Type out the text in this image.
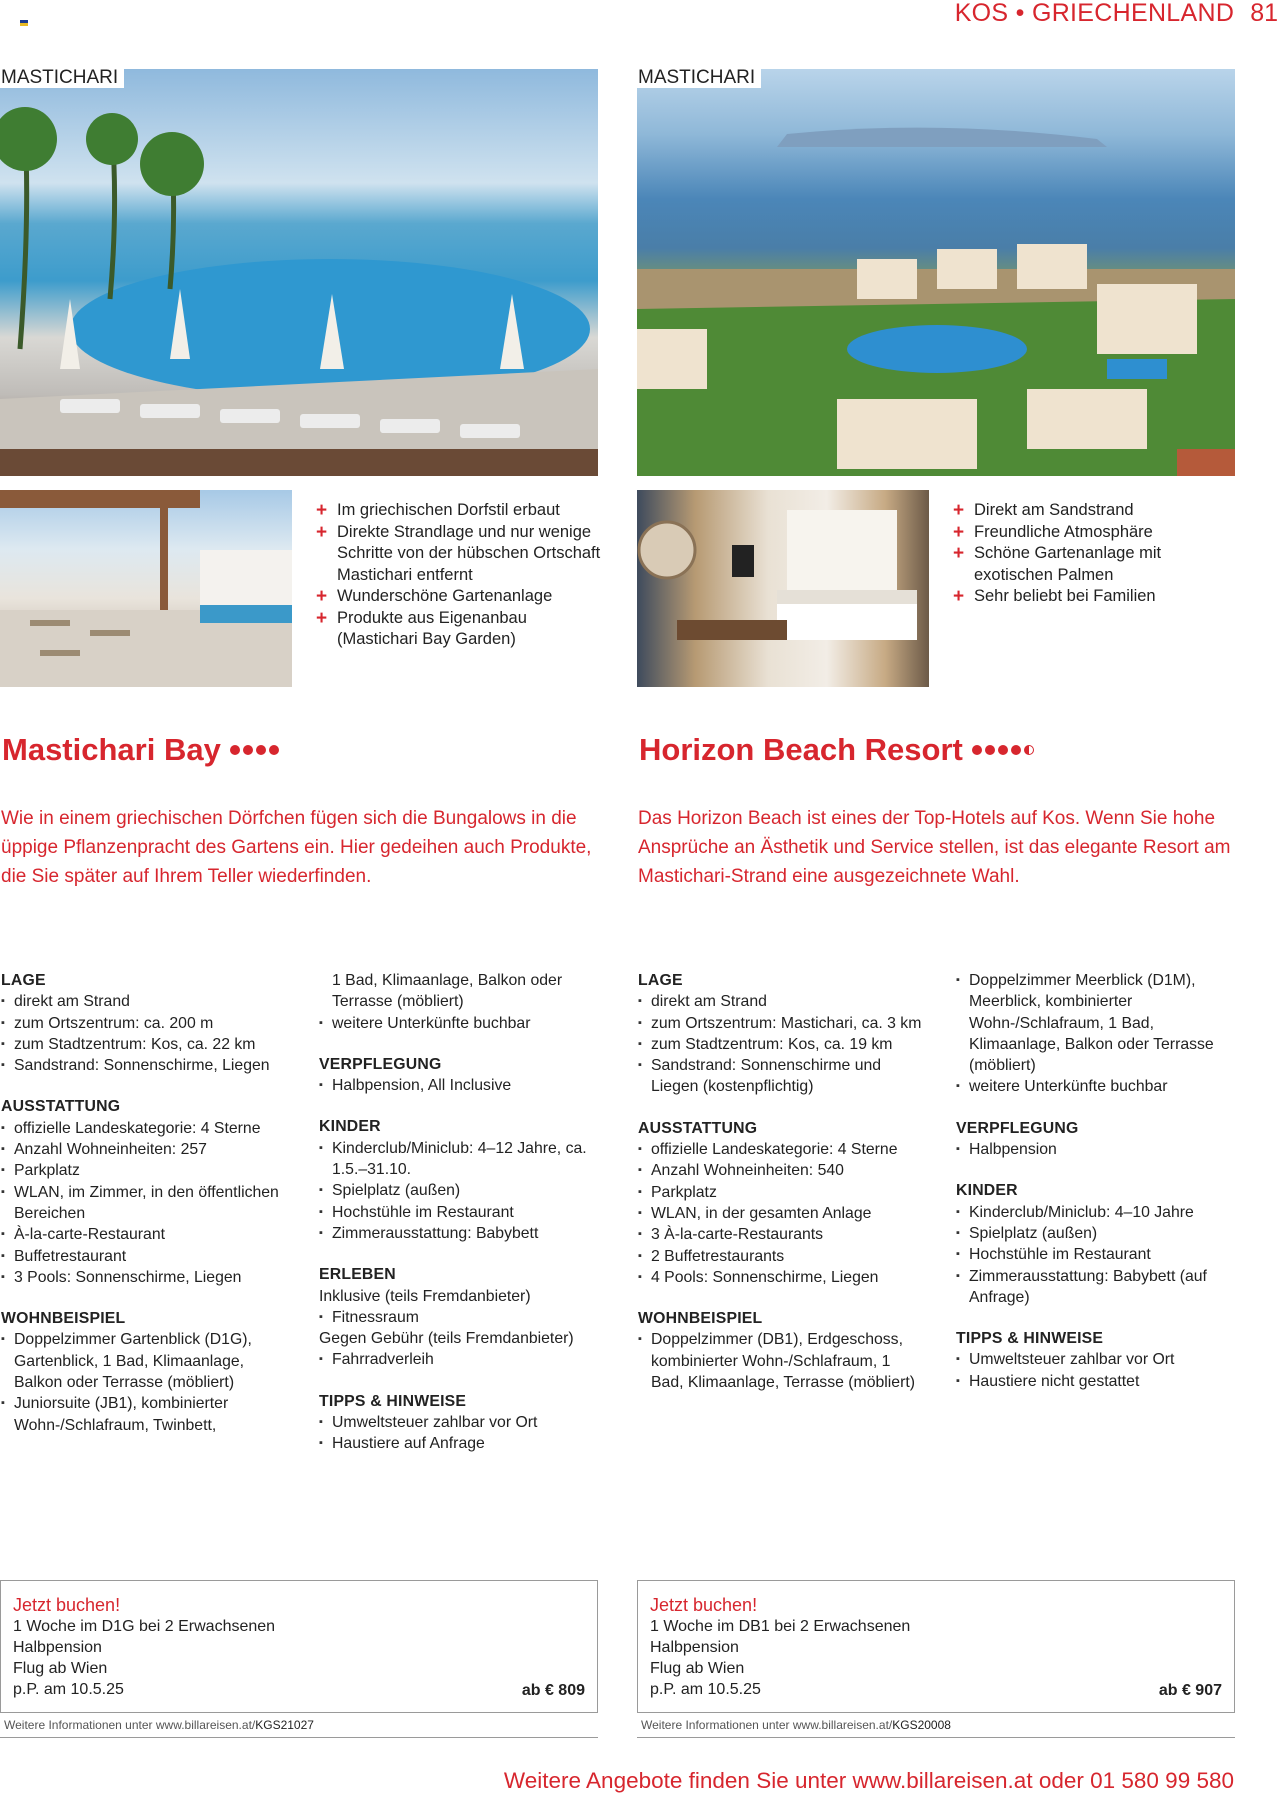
KOS • GRIECHENLAND 81
MASTICHARI
+ Im griechischen Dorfstil erbaut
+ Direkte Strandlage und nur wenige Schritte von der hübschen Ortschaft Mastichari entfernt
+ Wunderschöne Gartenanlage
+ Produkte aus Eigenanbau (Mastichari Bay Garden)
Mastichari Bay

Wie in einem griechischen Dörfchen fügen sich die Bungalows in die üppige Pflanzenpracht des Gartens ein. Hier gedeihen auch Produkte, die Sie später auf Ihrem Teller wiederfinden.

LAGE
▪ direkt am Strand
▪ zum Ortszentrum: ca. 200 m
▪ zum Stadtzentrum: Kos, ca. 22 km
▪ Sandstrand: Sonnenschirme, Liegen
AUSSTATTUNG
▪ offizielle Landeskategorie: 4 Sterne
▪ Anzahl Wohneinheiten: 257
▪ Parkplatz
▪ WLAN, im Zimmer, in den öffentlichen Bereichen
▪ À-la-carte-Restaurant
▪ Buffetrestaurant
▪ 3 Pools: Sonnenschirme, Liegen
WOHNBEISPIEL
▪ Doppelzimmer Gartenblick (D1G), Gartenblick, 1 Bad, Klimaanlage, Balkon oder Terrasse (möbliert)
▪ Juniorsuite (JB1), kombinierter Wohn-/Schlafraum, Twinbett,
1 Bad, Klimaanlage, Balkon oder Terrasse (möbliert)
▪ weitere Unterkünfte buchbar
VERPFLEGUNG
▪ Halbpension, All Inclusive
KINDER
▪ Kinderclub/Miniclub: 4–12 Jahre, ca. 1.5.–31.10.
▪ Spielplatz (außen)
▪ Hochstühle im Restaurant
▪ Zimmerausstattung: Babybett
ERLEBEN
Inklusive (teils Fremdanbieter)
▪ Fitnessraum
Gegen Gebühr (teils Fremdanbieter)
▪ Fahrradverleih
TIPPS & HINWEISE
▪ Umweltsteuer zahlbar vor Ort
▪ Haustiere auf Anfrage
Jetzt buchen!
1 Woche im D1G bei 2 Erwachsenen
Halbpension
Flug ab Wien
p.P. am 10.5.25	ab € 809
Weitere Informationen unter www.billareisen.at/KGS21027
MASTICHARI
+ Direkt am Sandstrand
+ Freundliche Atmosphäre
+ Schöne Gartenanlage mit exotischen Palmen
+ Sehr beliebt bei Familien
Horizon Beach Resort

Das Horizon Beach ist eines der Top-Hotels auf Kos. Wenn Sie hohe Ansprüche an Ästhetik und Service stellen, ist das elegante Resort am Mastichari-Strand eine ausgezeichnete Wahl.

LAGE
▪ direkt am Strand
▪ zum Ortszentrum: Mastichari, ca. 3 km
▪ zum Stadtzentrum: Kos, ca. 19 km
▪ Sandstrand: Sonnenschirme und Liegen (kostenpflichtig)
AUSSTATTUNG
▪ offizielle Landeskategorie: 4 Sterne
▪ Anzahl Wohneinheiten: 540
▪ Parkplatz
▪ WLAN, in der gesamten Anlage
▪ 3 À-la-carte-Restaurants
▪ 2 Buffetrestaurants
▪ 4 Pools: Sonnenschirme, Liegen
WOHNBEISPIEL
▪ Doppelzimmer (DB1), Erdgeschoss, kombinierter Wohn-/Schlafraum, 1 Bad, Klimaanlage, Terrasse (möbliert)
▪ Doppelzimmer Meerblick (D1M), Meerblick, kombinierter Wohn-/Schlafraum, 1 Bad, Klimaanlage, Balkon oder Terrasse (möbliert)
▪ weitere Unterkünfte buchbar
VERPFLEGUNG
▪ Halbpension
KINDER
▪ Kinderclub/Miniclub: 4–10 Jahre
▪ Spielplatz (außen)
▪ Hochstühle im Restaurant
▪ Zimmerausstattung: Babybett (auf Anfrage)
TIPPS & HINWEISE
▪ Umweltsteuer zahlbar vor Ort
▪ Haustiere nicht gestattet
Jetzt buchen!
1 Woche im DB1 bei 2 Erwachsenen
Halbpension
Flug ab Wien
p.P. am 10.5.25	ab € 907
Weitere Informationen unter www.billareisen.at/KGS20008
Weitere Angebote finden Sie unter www.billareisen.at oder 01 580 99 580
